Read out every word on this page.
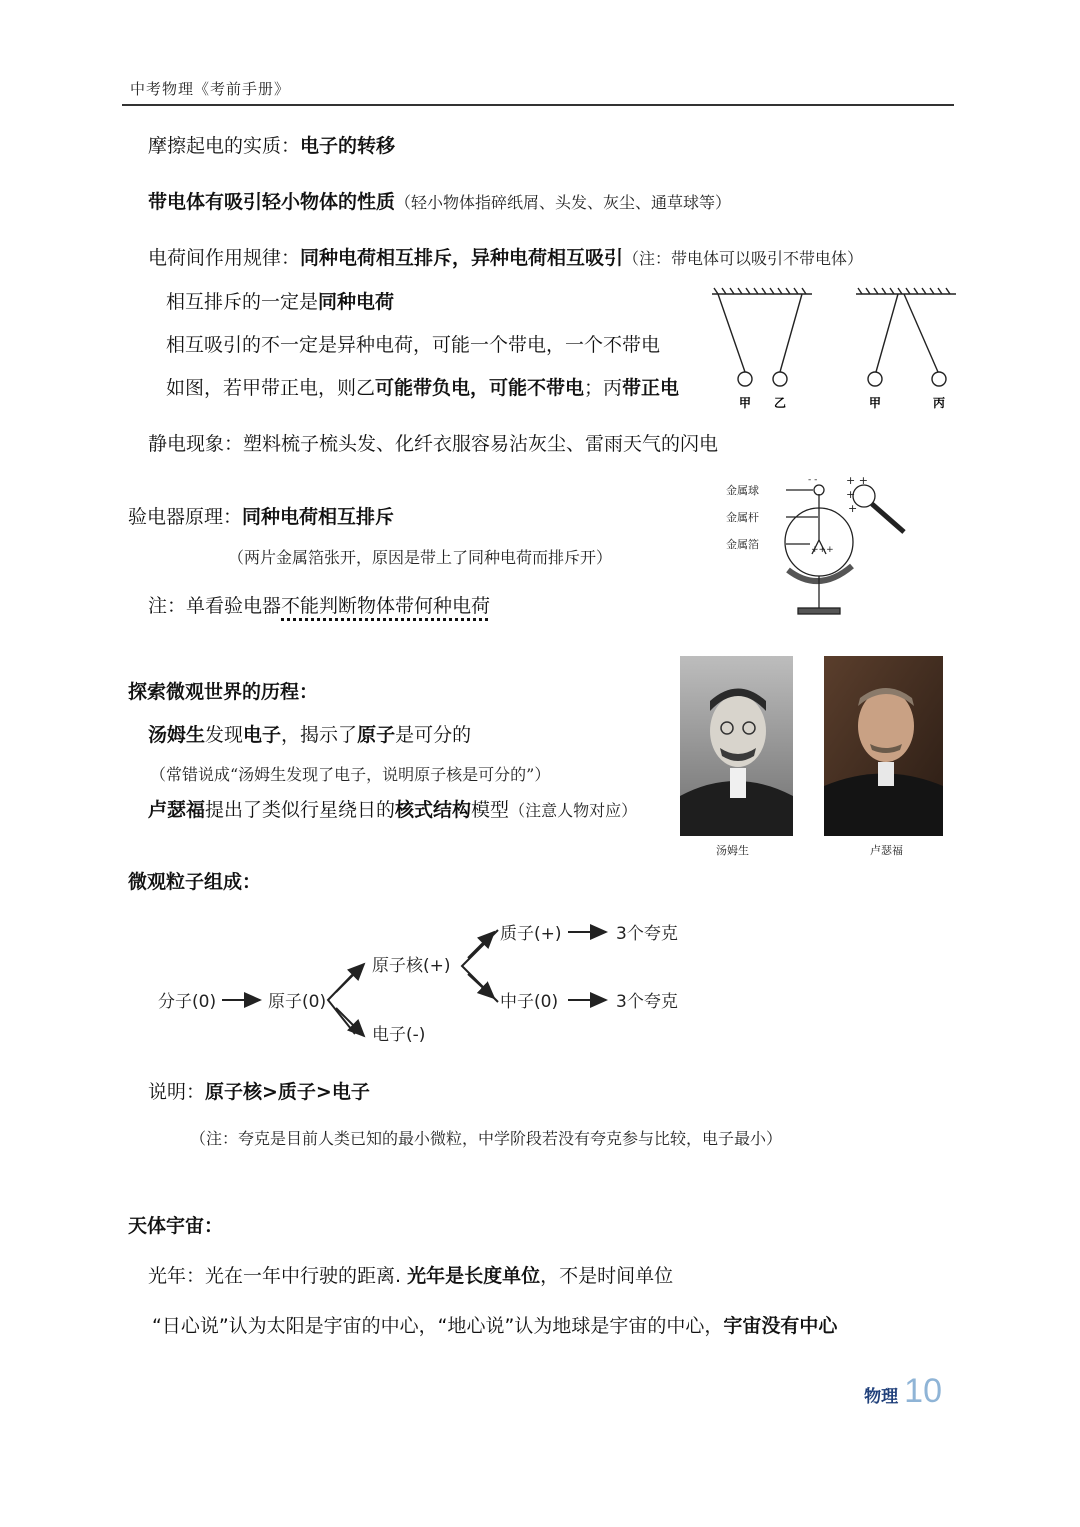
中考物理《考前手册》
摩擦起电的实质：电子的转移
带电体有吸引轻小物体的性质（轻小物体指碎纸屑、头发、灰尘、通草球等）
电荷间作用规律：同种电荷相互排斥，异种电荷相互吸引（注：带电体可以吸引不带电体）
相互排斥的一定是同种电荷
相互吸引的不一定是异种电荷，可能一个带电，一个不带电
如图，若甲带正电，则乙可能带负电，可能不带电；丙带正电
甲 乙	甲	丙
静电现象：塑料梳子梳头发、化纤衣服容易沾灰尘、雷雨天气的闪电
验电器原理：同种电荷相互排斥
（两片金属箔张开，原因是带上了同种电荷而排斥开）
- -
+++
+ +
+
+
金属球
金属杆
金属箔
注：单看验电器不能判断物体带何种电荷
探索微观世界的历程：
汤姆生发现电子，揭示了原子是可分的
（常错说成“汤姆生发现了电子，说明原子核是可分的”）
卢瑟福提出了类似行星绕日的核式结构模型（注意人物对应）
汤姆生	卢瑟福
微观粒子组成：
分子(0)	原子(0)
原子核(+)
电子(-)
质子(+)
中子(0)
3个夸克
3个夸克
说明：原子核>质子>电子
（注：夸克是目前人类已知的最小微粒，中学阶段若没有夸克参与比较，电子最小）
天体宇宙：
光年：光在一年中行驶的距离. 光年是长度单位，不是时间单位
“日心说”认为太阳是宇宙的中心，“地心说”认为地球是宇宙的中心，宇宙没有中心
物理 10
